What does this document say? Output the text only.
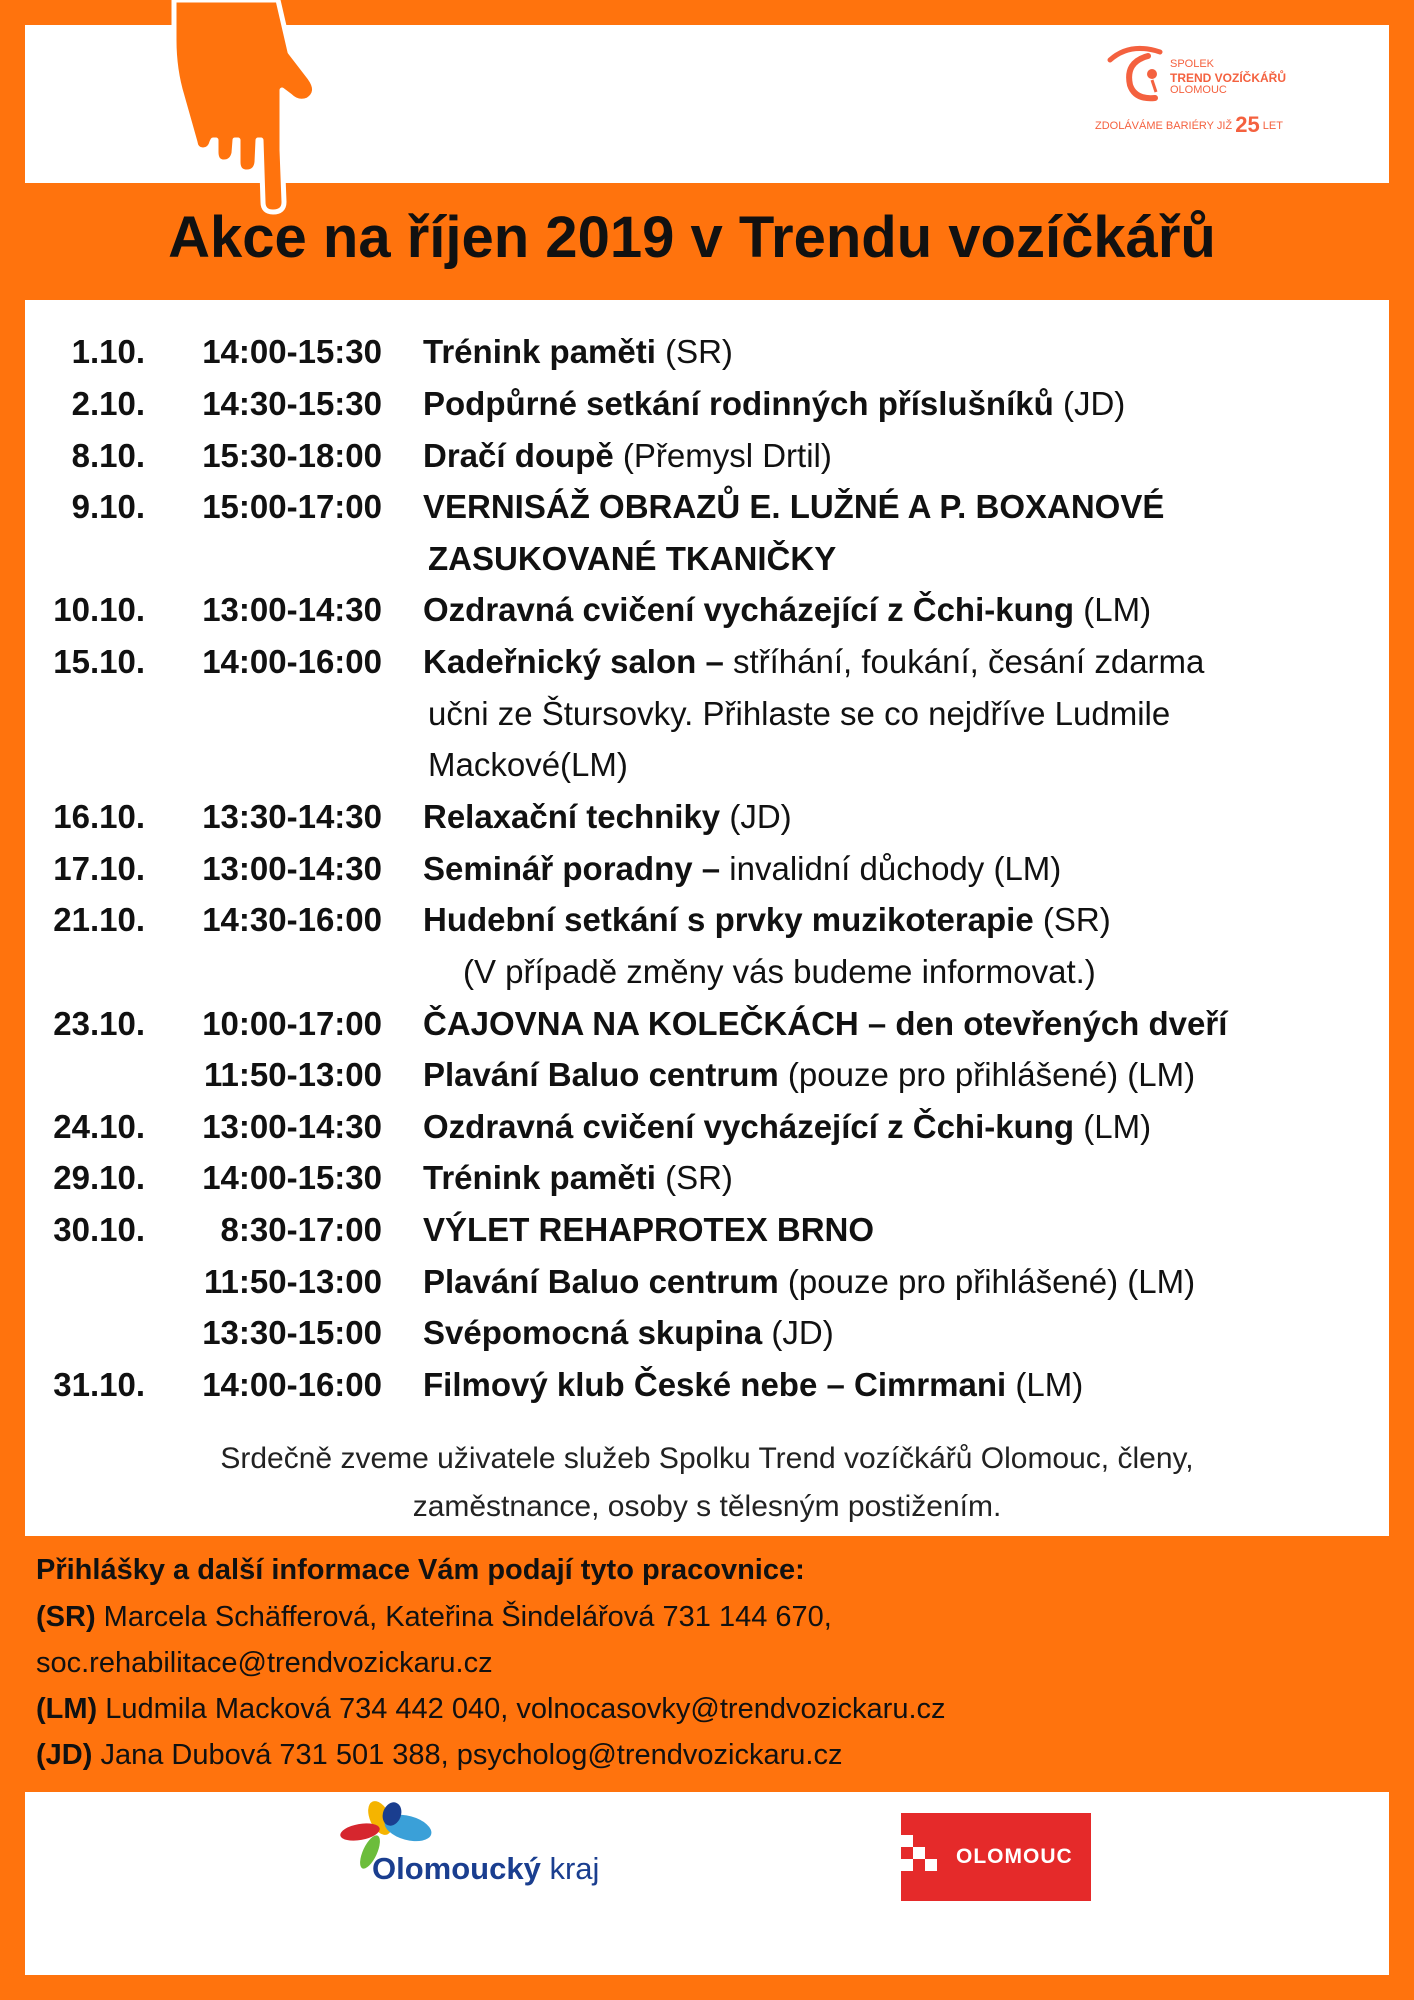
SPOLEK
TREND VOZÍČKÁŘŮ
OLOMOUC
ZDOLÁVÁME BARIÉRY JIŽ 25 LET
Akce na říjen 2019 v Trendu vozíčkářů
1.10.	14:00-15:30 Trénink paměti (SR)
2.10.	14:30-15:30 Podpůrné setkání rodinných příslušníků (JD)
8.10.	15:30-18:00 Dračí doupě (Přemysl Drtil)
9.10.	15:00-17:00 VERNISÁŽ OBRAZŮ E. LUŽNÉ A P. BOXANOVÉ
ZASUKOVANÉ TKANIČKY
10.10.	13:00-14:30 Ozdravná cvičení vycházející z Čchi-kung (LM)
15.10.	14:00-16:00 Kadeřnický salon – stříhání, foukání, česání zdarma
učni ze Štursovky. Přihlaste se co nejdříve Ludmile
Mackové(LM)
16.10.	13:30-14:30 Relaxační techniky (JD)
17.10.	13:00-14:30 Seminář poradny – invalidní důchody (LM)
21.10.	14:30-16:00 Hudební setkání s prvky muzikoterapie (SR)
(V případě změny vás budeme informovat.)
23.10.	10:00-17:00 ČAJOVNA NA KOLEČKÁCH – den otevřených dveří
11:50-13:00 Plavání Baluo centrum (pouze pro přihlášené) (LM)
24.10.	13:00-14:30 Ozdravná cvičení vycházející z Čchi-kung (LM)
29.10.	14:00-15:30 Trénink paměti (SR)
30.10.	8:30-17:00 VÝLET REHAPROTEX BRNO
11:50-13:00 Plavání Baluo centrum (pouze pro přihlášené) (LM)
13:30-15:00 Svépomocná skupina (JD)
31.10.	14:00-16:00 Filmový klub České nebe – Cimrmani (LM)
Srdečně zveme uživatele služeb Spolku Trend vozíčkářů Olomouc, členy,
zaměstnance, osoby s tělesným postižením.
Přihlášky a další informace Vám podají tyto pracovnice:
(SR) Marcela Schäfferová, Kateřina Šindelářová 731 144 670,
soc.rehabilitace@trendvozickaru.cz
(LM) Ludmila Macková 734 442 040, volnocasovky@trendvozickaru.cz
(JD) Jana Dubová 731 501 388, psycholog@trendvozickaru.cz
Olomoucký kraj	OLOMOUC
